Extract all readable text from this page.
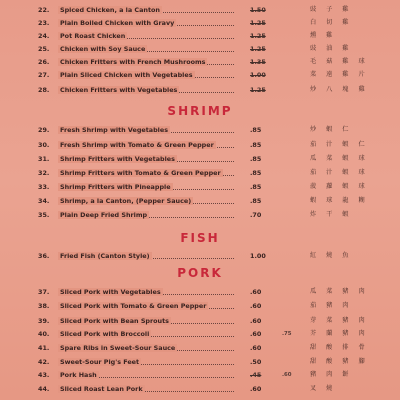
22.	Spiced Chicken, a la Canton	1.50	豉 子 雞
23.	Plain Boiled Chicken with Gravy	1.25	白 切 雞
24.	Pot Roast Chicken	1.25	燻 雞
25.	Chicken with Soy Sauce	1.25	豉 油 雞
26.	Chicken Fritters with French Mushrooms	1.35	毛 菇 雞 球
27.	Plain Sliced Chicken with Vegetables	1.00	菜 遠 雞 片
28.	Chicken Fritters with Vegetables	1.25	炒 八 塊 雞
SHRIMP
29.	Fresh Shrimp with Vegetables	.85	炒 蝦 仁
30.	Fresh Shrimp with Tomato & Green Pepper	.85	茄 汁 蝦 仁
31.	Shrimp Fritters with Vegetables	.85	瓜 菜 蝦 球
32.	Shrimp Fritters with Tomato & Green Pepper	.85	茄 汁 蝦 球
33.	Shrimp Fritters with Pineapple	.85	菠 蘿 蝦 球
34.	Shrimp, a la Canton, (Pepper Sauce)	.85	蝦 球 龍 糊
35.	Plain Deep Fried Shrimp	.70	炸 干 蝦
FISH
36.	Fried Fish (Canton Style)	1.00	紅 燒 魚
PORK
37.	Sliced Pork with Vegetables	.60	瓜 菜 豬 肉
38.	Sliced Pork with Tomato & Green Pepper	.60	茄 豬 肉
39.	Sliced Pork with Bean Sprouts	.60	芽 菜 豬 肉
40.	Sliced Pork with Broccoli	.60	.75	芥 蘭 豬 肉
41.	Spare Ribs in Sweet-Sour Sauce	.60	甜 酸 排 骨
42.	Sweet-Sour Pig's Feet	.50	甜 酸 豬 腳
43.	Pork Hash	.45	.60	豬 肉 餅
44.	Sliced Roast Lean Pork	.60	叉 燒
